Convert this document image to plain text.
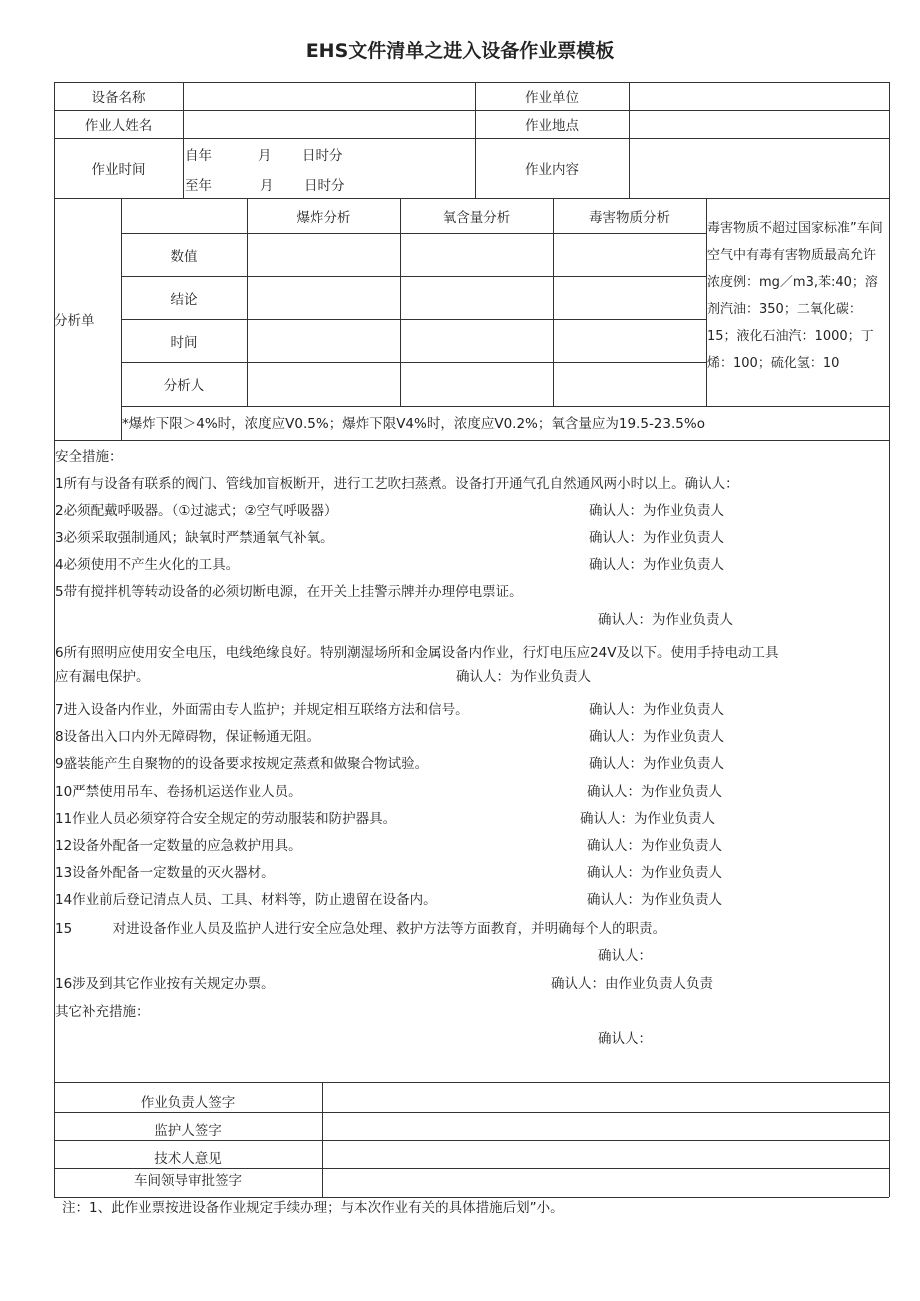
EHS文件清单之进入设备作业票模板
设备名称	作业单位
作业人姓名	作业地点
作业时间
自年	月 日时分
至年	月 日时分
作业内容
分析单
爆炸分析	氧含量分析	毒害物质分析
数值
结论
时间
分析人
毒害物质不超过国家标准”车间空气中有毒有害物质最高允许浓度例：mg／m3,苯:40；溶剂汽油：350；二氧化碳：15；液化石油汽：1000；丁烯：100；硫化氢：10
*爆炸下限＞4%时，浓度应V0.5%；爆炸下限V4%时，浓度应V0.2%；氧含量应为19.5-23.5%o
安全措施：
1所有与设备有联系的阀门、管线加盲板断开，进行工艺吹扫蒸煮。设备打开通气孔自然通风两小时以上。确认人：
2必须配戴呼吸器。（①过滤式；②空气呼吸器）	确认人：为作业负责人
3必须采取强制通风；缺氧时严禁通氧气补氧。	确认人：为作业负责人
4必须使用不产生火化的工具。	确认人：为作业负责人
5带有搅拌机等转动设备的必须切断电源，在开关上挂警示牌并办理停电票证。
确认人：为作业负责人
6所有照明应使用安全电压，电线绝缘良好。特别潮湿场所和金属设备内作业，行灯电压应24V及以下。使用手持电动工具
应有漏电保护。	确认人：为作业负责人
7进入设备内作业，外面需由专人监护；并规定相互联络方法和信号。	确认人：为作业负责人
8设备出入口内外无障碍物，保证畅通无阻。	确认人：为作业负责人
9盛装能产生自聚物的的设备要求按规定蒸煮和做聚合物试验。	确认人：为作业负责人
10严禁使用吊车、卷扬机运送作业人员。	确认人：为作业负责人
11作业人员必须穿符合安全规定的劳动服装和防护器具。	确认人：为作业负责人
12设备外配备一定数量的应急救护用具。	确认人：为作业负责人
13设备外配备一定数量的灭火器材。	确认人：为作业负责人
14作业前后登记清点人员、工具、材料等，防止遗留在设备内。	确认人：为作业负责人
15　　　对进设备作业人员及监护人进行安全应急处理、救护方法等方面教育，并明确每个人的职责。
确认人：
16涉及到其它作业按有关规定办票。	确认人：由作业负责人负责
其它补充措施：
确认人：
作业负责人签字
监护人签字
技术人意见
车间领导审批签字
注：1、此作业票按进设备作业规定手续办理；与本次作业有关的具体措施后划”小。
